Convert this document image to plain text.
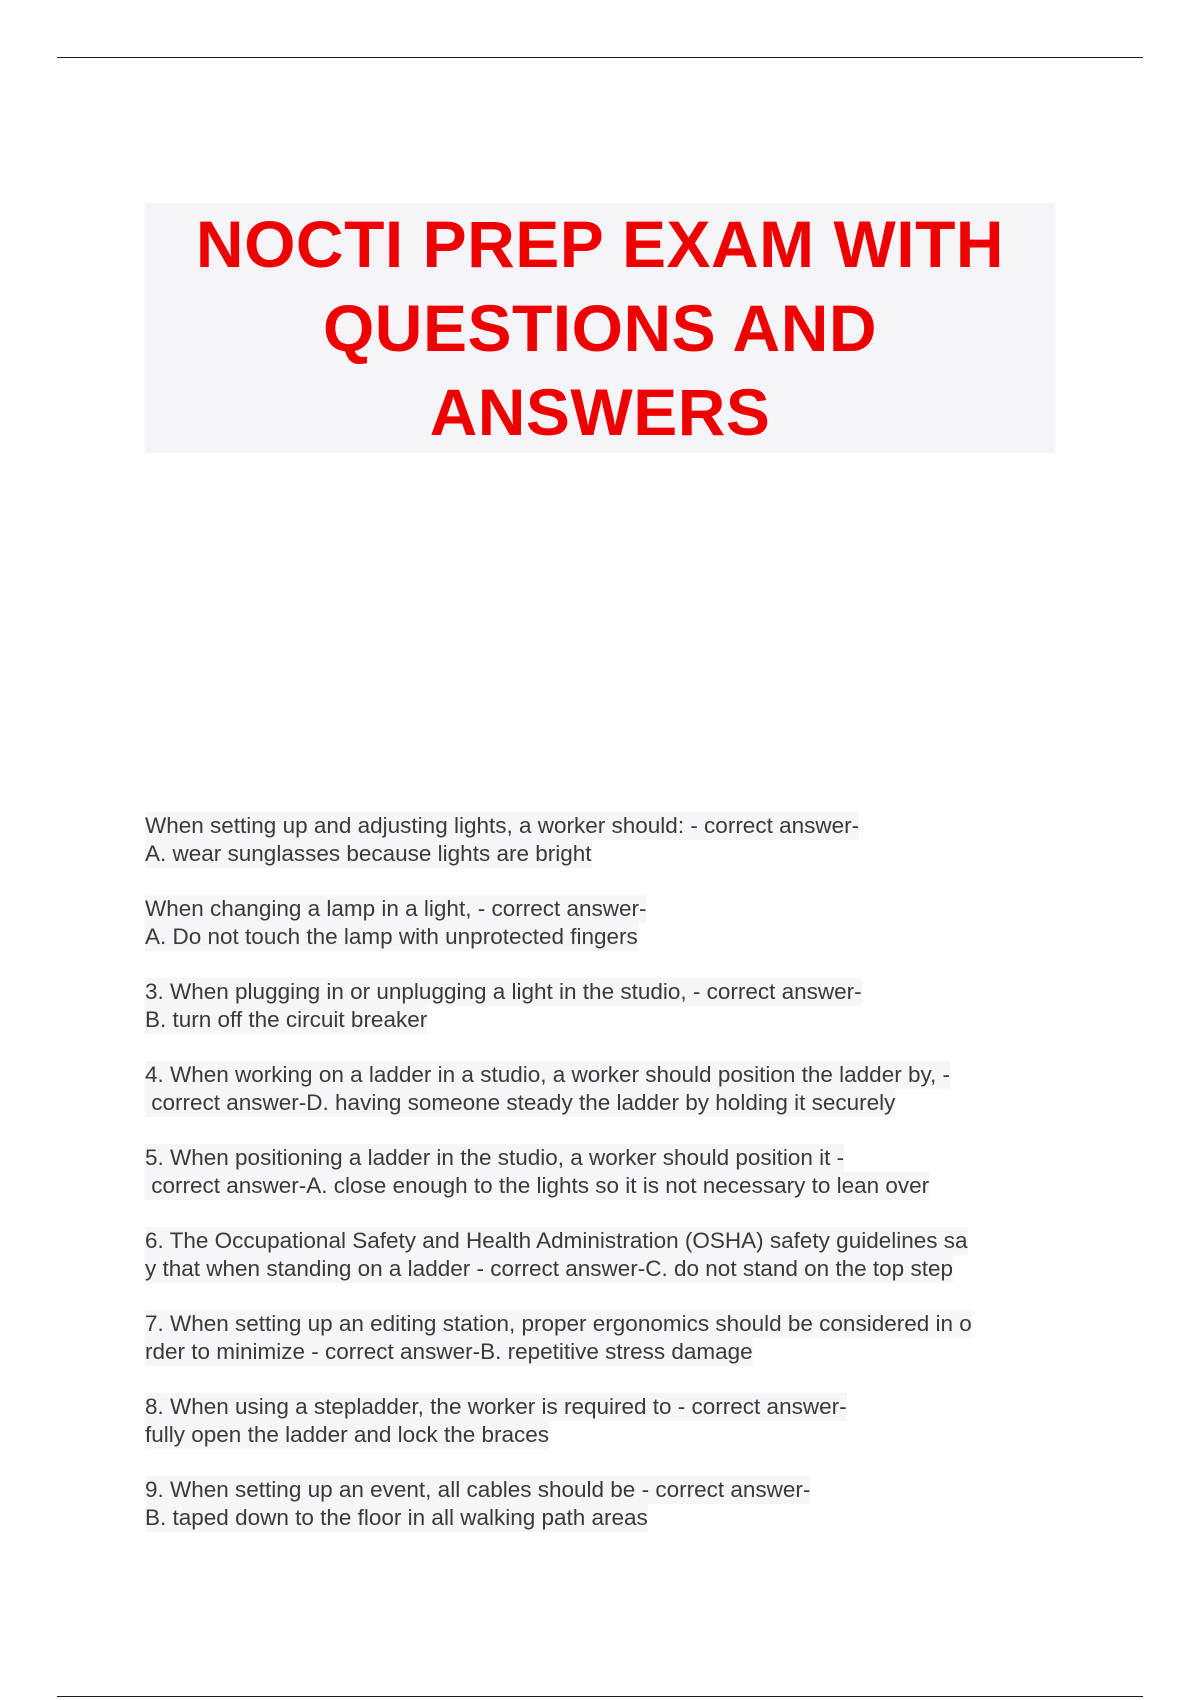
NOCTI PREP EXAM WITH
QUESTIONS AND
ANSWERS
When setting up and adjusting lights, a worker should: - correct answer-
A. wear sunglasses because lights are bright
When changing a lamp in a light, - correct answer-
A. Do not touch the lamp with unprotected fingers
3. When plugging in or unplugging a light in the studio, - correct answer-
B. turn off the circuit breaker
4. When working on a ladder in a studio, a worker should position the ladder by, -
correct answer-D. having someone steady the ladder by holding it securely
5. When positioning a ladder in the studio, a worker should position it -
correct answer-A. close enough to the lights so it is not necessary to lean over
6. The Occupational Safety and Health Administration (OSHA) safety guidelines sa
y that when standing on a ladder - correct answer-C. do not stand on the top step
7. When setting up an editing station, proper ergonomics should be considered in o
rder to minimize - correct answer-B. repetitive stress damage
8. When using a stepladder, the worker is required to - correct answer-
fully open the ladder and lock the braces
9. When setting up an event, all cables should be - correct answer-
B. taped down to the floor in all walking path areas
